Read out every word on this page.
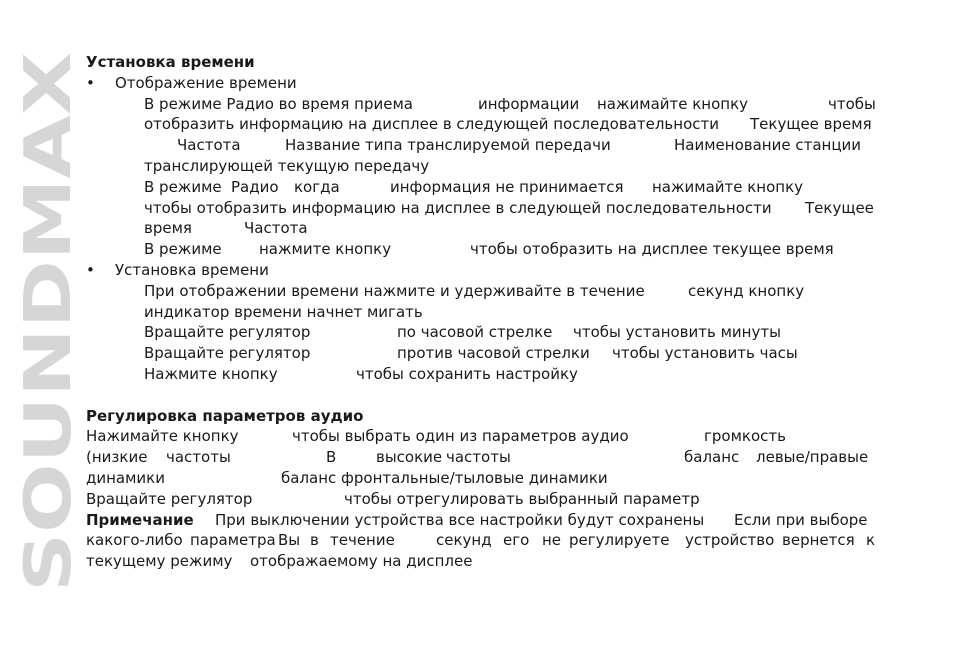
SOUNDMAX
Установка времени
• Отображение времени
В режиме Радио во время приема	информации нажимайте кнопку	чтобы
отобразить информацию на дисплее в следующей последовательности Текущее время
Частота	Название типа транслируемой передачи	Наименование станции
транслирующей текущую передачу
В режиме Радио когда	информация не принимается нажимайте кнопку
чтобы отобразить информацию на дисплее в следующей последовательности Текущее
время	Частота
В режиме нажмите кнопку	чтобы отобразить на дисплее текущее время
• Установка времени
При отображении времени нажмите и удерживайте в течение	секунд кнопку
индикатор времени начнет мигать
Вращайте регулятор	по часовой стрелке чтобы установить минуты
Вращайте регулятор	против часовой стрелки чтобы установить часы
Нажмите кнопку	чтобы сохранить настройку
Регулировка параметров аудио
Нажимайте кнопку	чтобы выбрать один из параметров аудио	громкость
(низкие частоты	В	высокие частоты	баланс левые/правые
динамики	баланс фронтальные/тыловые динамики
Вращайте регулятор	чтобы отрегулировать выбранный параметр
Примечание При выключении устройства все настройки будут сохранены Если при выборе
какого-либо параметра Вы в течение	секунд его не регулируете устройство вернется к
текущему режиму отображаемому на дисплее
